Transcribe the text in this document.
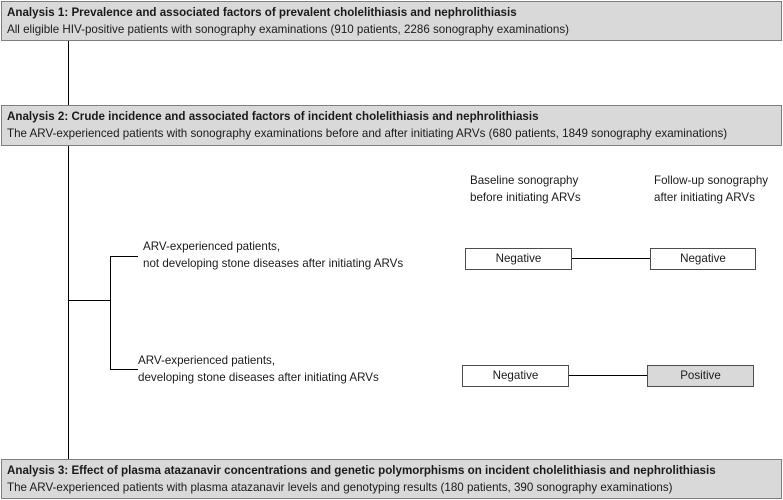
Analysis 1: Prevalence and associated factors of prevalent cholelithiasis and nephrolithiasis
All eligible HIV-positive patients with sonography examinations (910 patients, 2286 sonography examinations)
Analysis 2: Crude incidence and associated factors of incident cholelithiasis and nephrolithiasis
The ARV-experienced patients with sonography examinations before and after initiating ARVs (680 patients, 1849 sonography examinations)
Analysis 3: Effect of plasma atazanavir concentrations and genetic polymorphisms on incident cholelithiasis and nephrolithiasis
The ARV-experienced patients with plasma atazanavir levels and genotyping results (180 patients, 390 sonography examinations)
Baseline sonography
before initiating ARVs
Follow-up sonography
after initiating ARVs
ARV-experienced patients,
not developing stone diseases after initiating ARVs	Negative	Negative
ARV-experienced patients,
developing stone diseases after initiating ARVs	Negative	Positive
